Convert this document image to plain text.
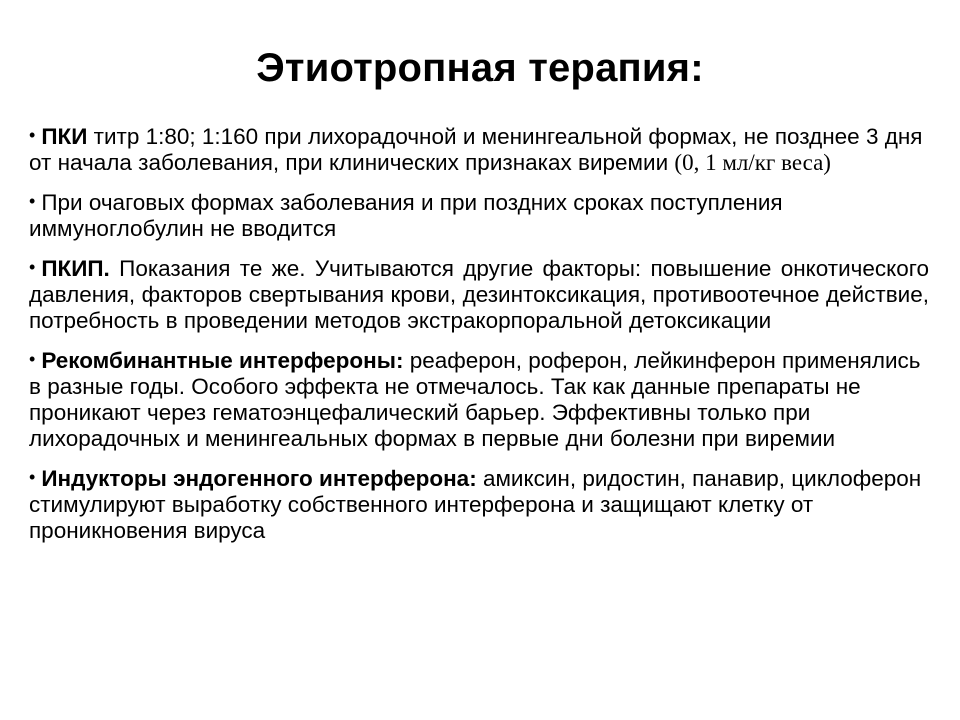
Этиотропная терапия:
• ПКИ титр 1:80; 1:160 при лихорадочной и менингеальной формах, не позднее 3 дня от начала заболевания, при клинических признаках виремии (0, 1 мл/кг веса)
• При очаговых формах заболевания и при поздних сроках поступления иммуноглобулин не вводится
• ПКИП. Показания те же. Учитываются другие факторы: повышение онкотического давления, факторов свертывания крови, дезинтоксикация, противоотечное действие, потребность в проведении методов экстракорпоральной детоксикации
• Рекомбинантные интерфероны: реаферон, роферон, лейкинферон применялись в разные годы. Особого эффекта не отмечалось. Так как данные препараты не проникают через гематоэнцефалический барьер. Эффективны только при лихорадочных и менингеальных формах в первые дни болезни при виремии
• Индукторы эндогенного интерферона: амиксин, ридостин, панавир, циклоферон стимулируют выработку собственного интерферона и защищают клетку от проникновения вируса
